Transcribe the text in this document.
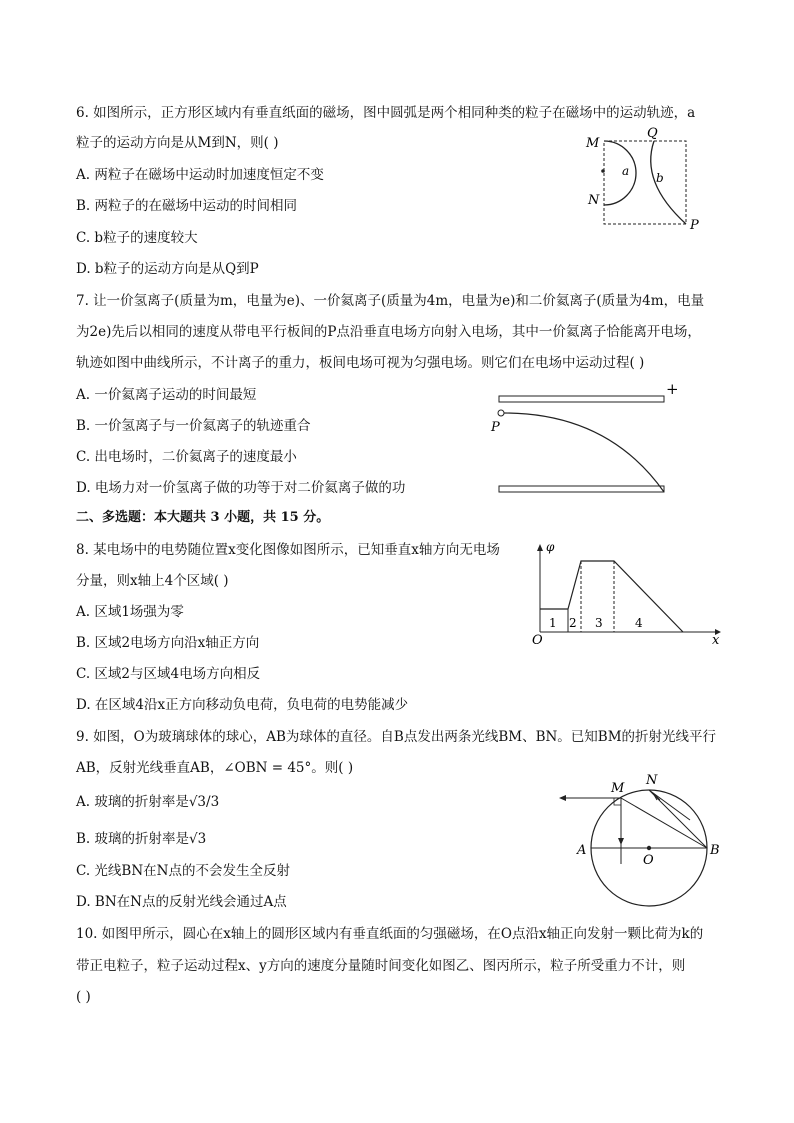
6. 如图所示，正方形区域内有垂直纸面的磁场，图中圆弧是两个相同种类的粒子在磁场中的运动轨迹，a
粒子的运动方向是从M到N，则( )
A. 两粒子在磁场中运动时加速度恒定不变
B. 两粒子的在磁场中运动的时间相同
C. b粒子的速度较大
D. b粒子的运动方向是从Q到P
M
N
Q
P
a b
7. 让一价氢离子(质量为m，电量为e)、一价氦离子(质量为4m，电量为e)和二价氦离子(质量为4m，电量
为2e)先后以相同的速度从带电平行板间的P点沿垂直电场方向射入电场，其中一价氦离子恰能离开电场，
轨迹如图中曲线所示，不计离子的重力，板间电场可视为匀强电场。则它们在电场中运动过程( )
A. 一价氦离子运动的时间最短
B. 一价氢离子与一价氦离子的轨迹重合
C. 出电场时，二价氦离子的速度最小
D. 电场力对一价氢离子做的功等于对二价氦离子做的功
+
P
二、多选题：本大题共 3 小题，共 15 分。
8. 某电场中的电势随位置x变化图像如图所示，已知垂直x轴方向无电场
分量，则x轴上4个区域( )
A. 区域1场强为零
B. 区域2电场方向沿x轴正方向
C. 区域2与区域4电场方向相反
D. 在区域4沿x正方向移动负电荷，负电荷的电势能减少
φ
O	x
1 2 3	4
9. 如图，O为玻璃球体的球心，AB为球体的直径。自B点发出两条光线BM、BN。已知BM的折射光线平行
AB，反射光线垂直AB，∠OBN = 45°。则( )
A. 玻璃的折射率是√3/3
B. 玻璃的折射率是√3
C. 光线BN在N点的不会发生全反射
D. BN在N点的反射光线会通过A点
M
N
A	B
O
10. 如图甲所示，圆心在x轴上的圆形区域内有垂直纸面的匀强磁场，在O点沿x轴正向发射一颗比荷为k的
带正电粒子，粒子运动过程x、y方向的速度分量随时间变化如图乙、图丙所示，粒子所受重力不计，则
( )
